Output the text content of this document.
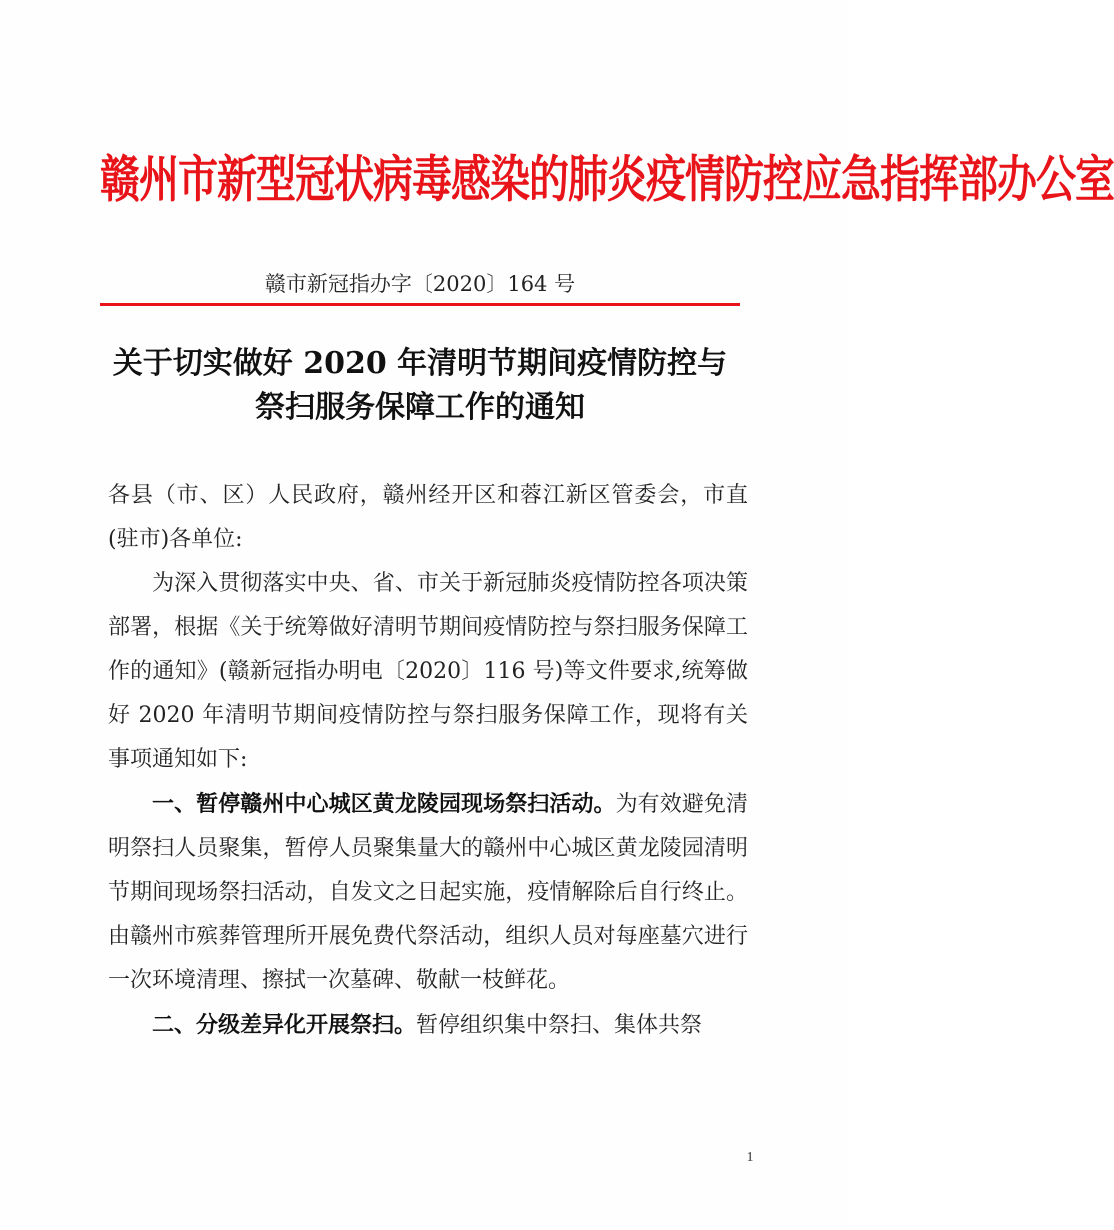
赣州市新型冠状病毒感染的肺炎疫情防控应急指挥部办公室
赣市新冠指办字〔2020〕164 号
关于切实做好 2020 年清明节期间疫情防控与
祭扫服务保障工作的通知

各县（市、区）人民政府，赣州经开区和蓉江新区管委会，市直(驻市)各单位:

为深入贯彻落实中央、省、市关于新冠肺炎疫情防控各项决策部署，根据《关于统筹做好清明节期间疫情防控与祭扫服务保障工作的通知》(赣新冠指办明电〔2020〕116 号)等文件要求,统筹做好 2020 年清明节期间疫情防控与祭扫服务保障工作，现将有关事项通知如下:

一、暂停赣州中心城区黄龙陵园现场祭扫活动。为有效避免清明祭扫人员聚集，暂停人员聚集量大的赣州中心城区黄龙陵园清明节期间现场祭扫活动，自发文之日起实施，疫情解除后自行终止。由赣州市殡葬管理所开展免费代祭活动，组织人员对每座墓穴进行一次环境清理、擦拭一次墓碑、敬献一枝鲜花。

二、分级差异化开展祭扫。暂停组织集中祭扫、集体共祭

1
